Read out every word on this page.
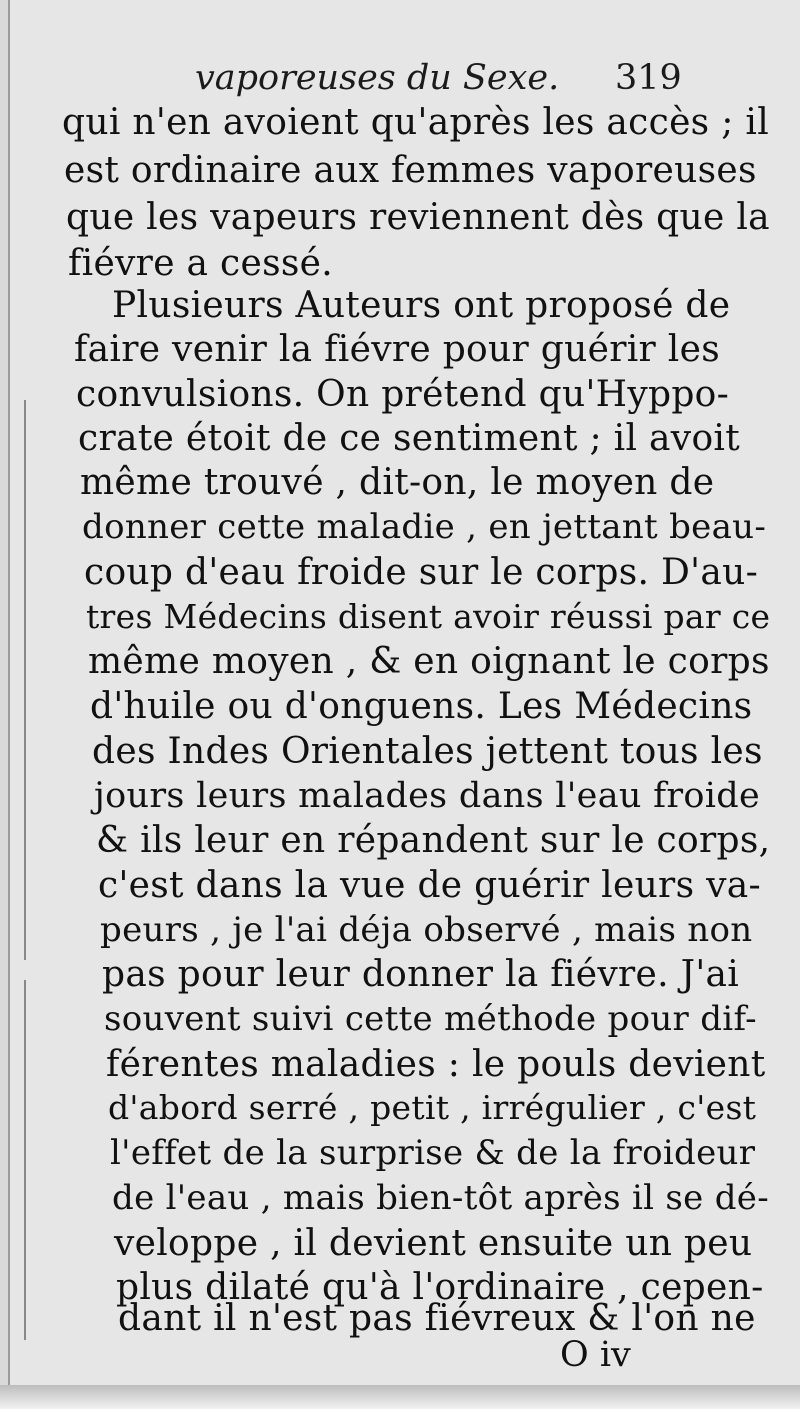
vaporeuses du Sexe. 319
qui n'en avoient qu'après les accès ; il
est ordinaire aux femmes vaporeuses
que les vapeurs reviennent dès que la
fiévre a cessé.
Plusieurs Auteurs ont proposé de
faire venir la fiévre pour guérir les
convulsions. On prétend qu'Hyppo-
crate étoit de ce sentiment ; il avoit
même trouvé , dit-on, le moyen de
donner cette maladie , en jettant beau-
coup d'eau froide sur le corps. D'au-
tres Médecins disent avoir réussi par ce
même moyen , & en oignant le corps
d'huile ou d'onguens. Les Médecins
des Indes Orientales jettent tous les
jours leurs malades dans l'eau froide
& ils leur en répandent sur le corps,
c'est dans la vue de guérir leurs va-
peurs , je l'ai déja observé , mais non
pas pour leur donner la fiévre. J'ai
souvent suivi cette méthode pour dif-
férentes maladies : le pouls devient
d'abord serré , petit , irrégulier , c'est
l'effet de la surprise & de la froideur
de l'eau , mais bien-tôt après il se dé-
veloppe , il devient ensuite un peu
plus dilaté qu'à l'ordinaire , cepen-
dant il n'est pas fiévreux & l'on ne
O iv
